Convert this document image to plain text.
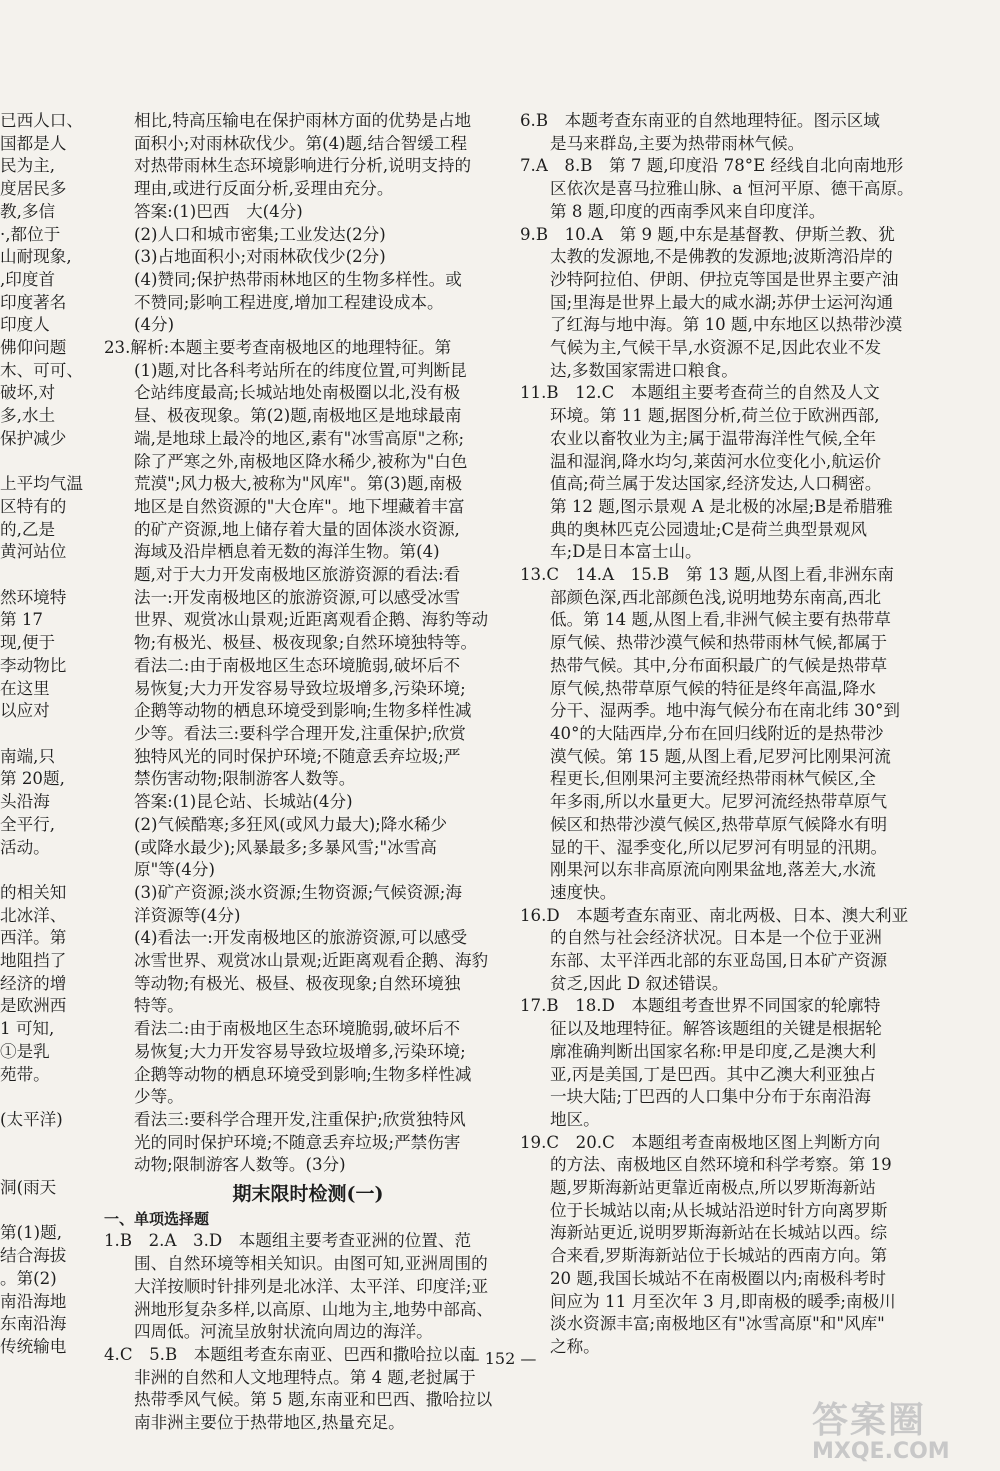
已西人口、
国都是人
民为主,
度居民多
教,多信
·,都位于
山耐现象,
,印度首
印度著名
印度人
佛仰问题
木、可可、
破坏,对
多,水土
保护减少

上平均气温
区特有的
的,乙是
黄河站位

然环境特
第 17
现,便于
李动物比
在这里
以应对

南端,只
第 20题,
头沿海
全平行,
活动。

的相关知
北冰洋、
西洋。第
地阻挡了
经济的增
是欧洲西
1 可知,
①是乳
苑带。

(太平洋)

洞(雨天

第(1)题,
结合海拔
。第(2)
南沿海地
东南沿海
传统输电
相比,特高压输电在保护雨林方面的优势是占地
面积小;对雨林砍伐少。第(4)题,结合智缓工程
对热带雨林生态环境影响进行分析,说明支持的
理由,或进行反面分析,妥理由充分。
答案:(1)巴西　大(4分)
(2)人口和城市密集;工业发达(2分)
(3)占地面积小;对雨林砍伐少(2分)
(4)赞同;保护热带雨林地区的生物多样性。或
不赞同;影响工程进度,增加工程建设成本。
(4分)
23.解析:本题主要考查南极地区的地理特征。第
(1)题,对比各科考站所在的纬度位置,可判断昆
仑站纬度最高;长城站地处南极圈以北,没有极
昼、极夜现象。第(2)题,南极地区是地球最南
端,是地球上最冷的地区,素有"冰雪高原"之称;
除了严寒之外,南极地区降水稀少,被称为"白色
荒漠";风力极大,被称为"风库"。第(3)题,南极
地区是自然资源的"大仓库"。地下埋藏着丰富
的矿产资源,地上储存着大量的固体淡水资源,
海域及沿岸栖息着无数的海洋生物。第(4)
题,对于大力开发南极地区旅游资源的看法:看
法一:开发南极地区的旅游资源,可以感受冰雪
世界、观赏冰山景观;近距离观看企鹅、海豹等动
物;有极光、极昼、极夜现象;自然环境独特等。
看法二:由于南极地区生态环境脆弱,破坏后不
易恢复;大力开发容易导致垃圾增多,污染环境;
企鹅等动物的栖息环境受到影响;生物多样性减
少等。看法三:要科学合理开发,注重保护;欣赏
独特风光的同时保护环境;不随意丢弃垃圾;严
禁伤害动物;限制游客人数等。
答案:(1)昆仑站、长城站(4分)
(2)气候酷寒;多狂风(或风力最大);降水稀少
(或降水最少);风暴最多;多暴风雪;"冰雪高
原"等(4分)
(3)矿产资源;淡水资源;生物资源;气候资源;海
洋资源等(4分)
(4)看法一:开发南极地区的旅游资源,可以感受
冰雪世界、观赏冰山景观;近距离观看企鹅、海豹
等动物;有极光、极昼、极夜现象;自然环境独
特等。
看法二:由于南极地区生态环境脆弱,破坏后不
易恢复;大力开发容易导致垃圾增多,污染环境;
企鹅等动物的栖息环境受到影响;生物多样性减
少等。
看法三:要科学合理开发,注重保护;欣赏独特风
光的同时保护环境;不随意丢弃垃圾;严禁伤害
动物;限制游客人数等。(3分)
期末限时检测(一)
一、单项选择题
1.B　2.A　3.D　本题组主要考查亚洲的位置、范
围、自然环境等相关知识。由图可知,亚洲周围的
大洋按顺时针排列是北冰洋、太平洋、印度洋;亚
洲地形复杂多样,以高原、山地为主,地势中部高、
四周低。河流呈放射状流向周边的海洋。
4.C　5.B　本题组考查东南亚、巴西和撒哈拉以南
非洲的自然和人文地理特点。第 4 题,老挝属于
热带季风气候。第 5 题,东南亚和巴西、撒哈拉以
南非洲主要位于热带地区,热量充足。
6.B　本题考查东南亚的自然地理特征。图示区域
是马来群岛,主要为热带雨林气候。
7.A　8.B　第 7 题,印度沿 78°E 经线自北向南地形
区依次是喜马拉雅山脉、a 恒河平原、德干高原。
第 8 题,印度的西南季风来自印度洋。
9.B　10.A　第 9 题,中东是基督教、伊斯兰教、犹
太教的发源地,不是佛教的发源地;波斯湾沿岸的
沙特阿拉伯、伊朗、伊拉克等国是世界主要产油
国;里海是世界上最大的咸水湖;苏伊士运河沟通
了红海与地中海。第 10 题,中东地区以热带沙漠
气候为主,气候干旱,水资源不足,因此农业不发
达,多数国家需进口粮食。
11.B　12.C　本题组主要考查荷兰的自然及人文
环境。第 11 题,据图分析,荷兰位于欧洲西部,
农业以畜牧业为主;属于温带海洋性气候,全年
温和湿润,降水均匀,莱茵河水位变化小,航运价
值高;荷兰属于发达国家,经济发达,人口稠密。
第 12 题,图示景观 A 是北极的冰屋;B是希腊雅
典的奥林匹克公园遗址;C是荷兰典型景观风
车;D是日本富士山。
13.C　14.A　15.B　第 13 题,从图上看,非洲东南
部颜色深,西北部颜色浅,说明地势东南高,西北
低。第 14 题,从图上看,非洲气候主要有热带草
原气候、热带沙漠气候和热带雨林气候,都属于
热带气候。其中,分布面积最广的气候是热带草
原气候,热带草原气候的特征是终年高温,降水
分干、湿两季。地中海气候分布在南北纬 30°到
40°的大陆西岸,分布在回归线附近的是热带沙
漠气候。第 15 题,从图上看,尼罗河比刚果河流
程更长,但刚果河主要流经热带雨林气候区,全
年多雨,所以水量更大。尼罗河流经热带草原气
候区和热带沙漠气候区,热带草原气候降水有明
显的干、湿季变化,所以尼罗河有明显的汛期。
刚果河以东非高原流向刚果盆地,落差大,水流
速度快。
16.D　本题考查东南亚、南北两极、日本、澳大利亚
的自然与社会经济状况。日本是一个位于亚洲
东部、太平洋西北部的东亚岛国,日本矿产资源
贫乏,因此 D 叙述错误。
17.B　18.D　本题组考查世界不同国家的轮廓特
征以及地理特征。解答该题组的关键是根据轮
廓准确判断出国家名称:甲是印度,乙是澳大利
亚,丙是美国,丁是巴西。其中乙澳大利亚独占
一块大陆;丁巴西的人口集中分布于东南沿海
地区。
19.C　20.C　本题组考查南极地区图上判断方向
的方法、南极地区自然环境和科学考察。第 19
题,罗斯海新站更靠近南极点,所以罗斯海新站
位于长城站以南;从长城站沿逆时针方向离罗斯
海新站更近,说明罗斯海新站在长城站以西。综
合来看,罗斯海新站位于长城站的西南方向。第
20 题,我国长城站不在南极圈以内;南极科考时
间应为 11 月至次年 3 月,即南极的暖季;南极川
淡水资源丰富;南极地区有"冰雪高原"和"风库"
之称。
— 152 —
答案圈
MXQE.COM
